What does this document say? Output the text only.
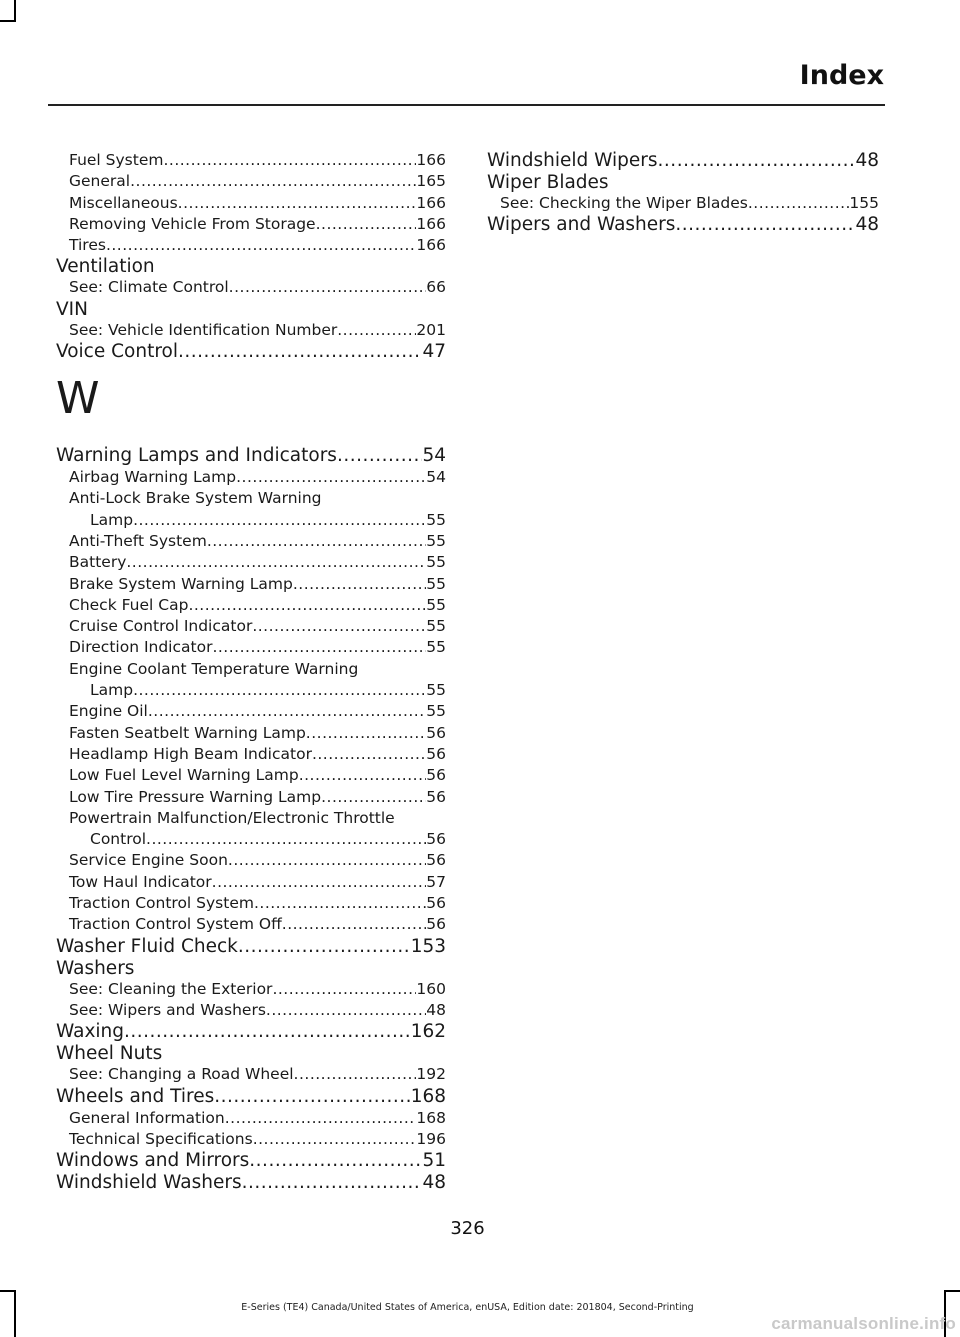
Index
Fuel System .....	166
General .....	165
Miscellaneous .....	166
Removing Vehicle From Storage .....	166
Tires .....	166
Ventilation
See: Climate Control .....	66
VIN
See: Vehicle Identification Number .....	201
Voice Control .....	47
W
Warning Lamps and Indicators .....	54
Airbag Warning Lamp .....	54
Anti-Lock Brake System Warning
Lamp .....	55
Anti-Theft System .....	55
Battery .....	55
Brake System Warning Lamp .....	55
Check Fuel Cap .....	55
Cruise Control Indicator .....	55
Direction Indicator .....	55
Engine Coolant Temperature Warning
Lamp .....	55
Engine Oil .....	55
Fasten Seatbelt Warning Lamp .....	56
Headlamp High Beam Indicator .....	56
Low Fuel Level Warning Lamp .....	56
Low Tire Pressure Warning Lamp .....	56
Powertrain Malfunction/Electronic Throttle
Control .....	56
Service Engine Soon .....	56
Tow Haul Indicator .....	57
Traction Control System .....	56
Traction Control System Off .....	56
Washer Fluid Check .....	153
Washers
See: Cleaning the Exterior .....	160
See: Wipers and Washers .....	48
Waxing .....	162
Wheel Nuts
See: Changing a Road Wheel .....	192
Wheels and Tires .....	168
General Information .....	168
Technical Specifications .....	196
Windows and Mirrors .....	51
Windshield Washers .....	48
Windshield Wipers .....	48
Wiper Blades
See: Checking the Wiper Blades .....	155
Wipers and Washers .....	48
326
E-Series (TE4) Canada/United States of America, enUSA, Edition date: 201804, Second-Printing
carmanualsonline.info
